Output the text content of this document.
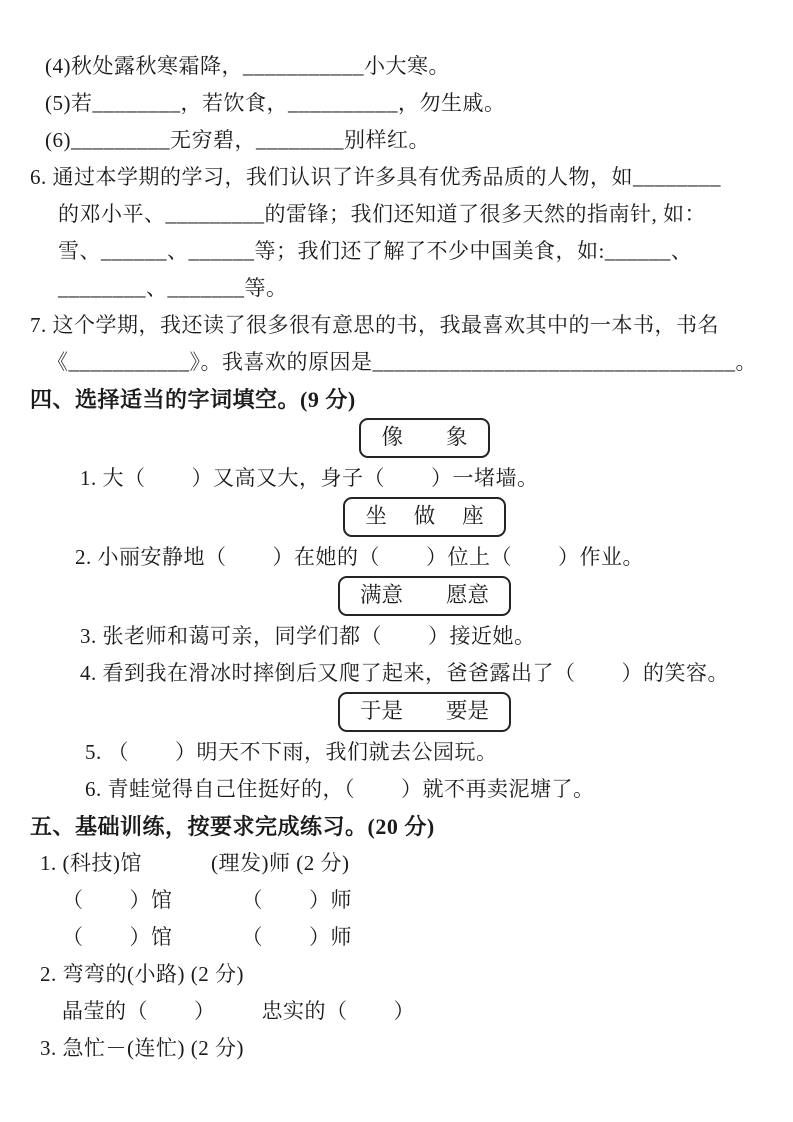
(4)秋处露秋寒霜降，___________小大寒。
(5)若________，若饮食，__________，勿生戚。
(6)_________无穷碧，________别样红。
6. 通过本学期的学习，我们认识了许多具有优秀品质的人物，如________
的邓小平、_________的雷锋；我们还知道了很多天然的指南针, 如：
雪、______、______等；我们还了解了不少中国美食，如:______、
________、_______等。
7. 这个学期，我还读了很多很有意思的书，我最喜欢其中的一本书，书名
《___________》。我喜欢的原因是_________________________________。
四、选择适当的字词填空。(9 分)
像        象
1. 大（        ）又高又大，身子（        ）一堵墙。
坐     做     座
2. 小丽安静地（        ）在她的（        ）位上（        ）作业。
满意        愿意
3. 张老师和蔼可亲，同学们都（        ）接近她。
4. 看到我在滑冰时摔倒后又爬了起来，爸爸露出了（        ）的笑容。
于是        要是
5. （        ）明天不下雨，我们就去公园玩。
6. 青蛙觉得自己住挺好的，（        ）就不再卖泥塘了。
五、基础训练，按要求完成练习。(20 分)
1. (科技)馆            (理发)师 (2 分)
（        ）馆            （        ）师
（        ）馆            （        ）师
2. 弯弯的(小路) (2 分)
晶莹的（        ）        忠实的（        ）
3. 急忙－(连忙) (2 分)
